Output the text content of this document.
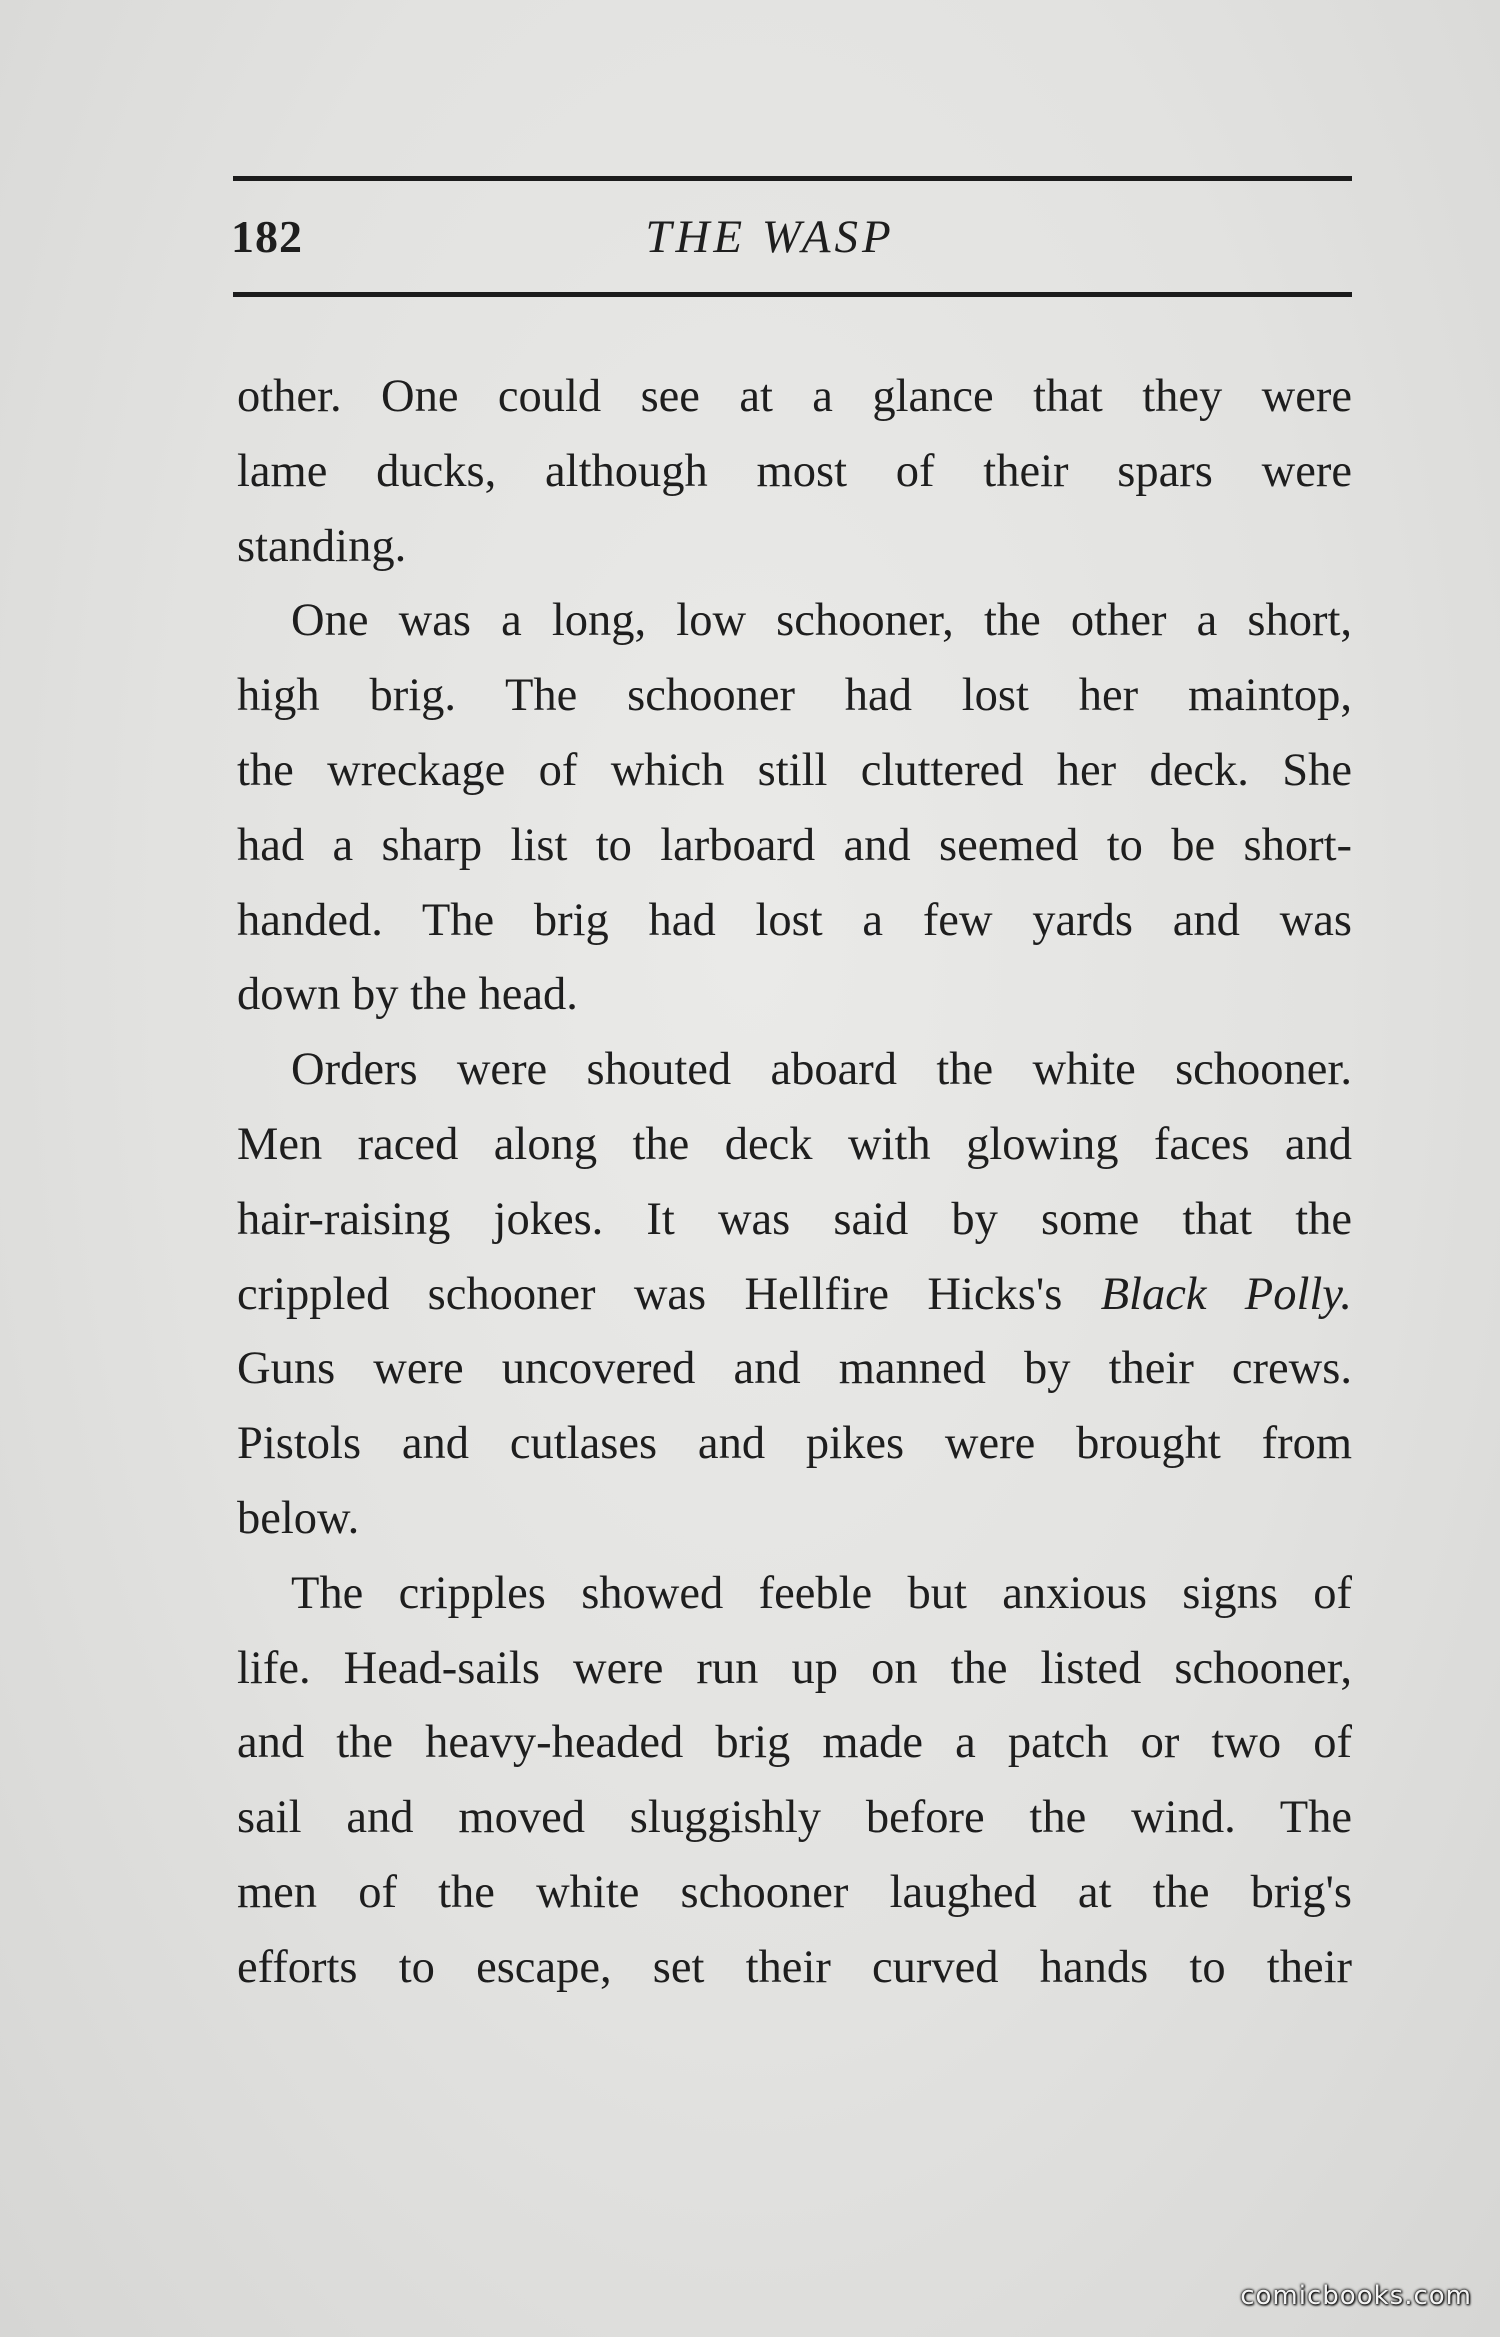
182	THE WASP
other. One could see at a glance that they were
lame ducks, although most of their spars were
standing.
One was a long, low schooner, the other a short,
high brig. The schooner had lost her maintop,
the wreckage of which still cluttered her deck. She
had a sharp list to larboard and seemed to be short-
handed. The brig had lost a few yards and was
down by the head.
Orders were shouted aboard the white schooner.
Men raced along the deck with glowing faces and
hair-raising jokes. It was said by some that the
crippled schooner was Hellfire Hicks's Black Polly.
Guns were uncovered and manned by their crews.
Pistols and cutlases and pikes were brought from
below.
The cripples showed feeble but anxious signs of
life. Head-sails were run up on the listed schooner,
and the heavy-headed brig made a patch or two of
sail and moved sluggishly before the wind. The
men of the white schooner laughed at the brig's
efforts to escape, set their curved hands to their
comicbooks.com
